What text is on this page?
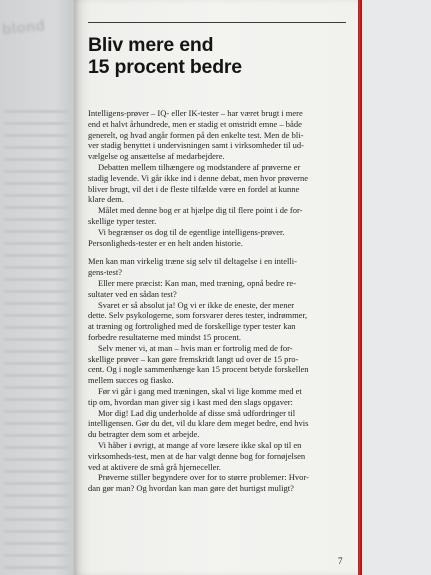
blond
Bliv mere end
15 procent bedre

Intelligens-prøver – IQ- eller IK-tester – har været brugt i mere
end et halvt århundrede, men er stadig et omstridt emne – både
generelt, og hvad angår formen på den enkelte test. Men de bli-
ver stadig benyttet i undervisningen samt i virksomheder til ud-
vælgelse og ansættelse af medarbejdere.

Debatten mellem tilhængere og modstandere af prøverne er
stadig levende. Vi går ikke ind i denne debat, men hvor prøverne
bliver brugt, vil det i de fleste tilfælde være en fordel at kunne
klare dem.

Målet med denne bog er at hjælpe dig til flere point i de for-
skellige typer tester.

Vi begrænser os dog til de egentlige intelligens-prøver.
Personligheds-tester er en helt anden historie.

Men kan man virkelig træne sig selv til deltagelse i en intelli-
gens-test?

Eller mere præcist: Kan man, med træning, opnå bedre re-
sultater ved en sådan test?

Svaret er så absolut ja! Og vi er ikke de eneste, der mener
dette. Selv psykologerne, som forsvarer deres tester, indrømmer,
at træning og fortrolighed med de forskellige typer tester kan
forbedre resultaterne med mindst 15 procent.

Selv mener vi, at man – hvis man er fortrolig med de for-
skellige prøver – kan gøre fremskridt langt ud over de 15 pro-
cent. Og i nogle sammenhænge kan 15 procent betyde forskellen
mellem succes og fiasko.

Før vi går i gang med træningen, skal vi lige komme med et
tip om, hvordan man giver sig i kast med den slags opgaver:

Mor dig! Lad dig underholde af disse små udfordringer til
intelligensen. Gør du det, vil du klare dem meget bedre, end hvis
du betragter dem som et arbejde.

Vi håber i øvrigt, at mange af vore læsere ikke skal op til en
virksomheds-test, men at de har valgt denne bog for fornøjelsen
ved at aktivere de små grå hjerneceller.

Prøverne stiller begyndere over for to større problemer: Hvor-
dan gør man? Og hvordan kan man gøre det hurtigst muligt?

7
